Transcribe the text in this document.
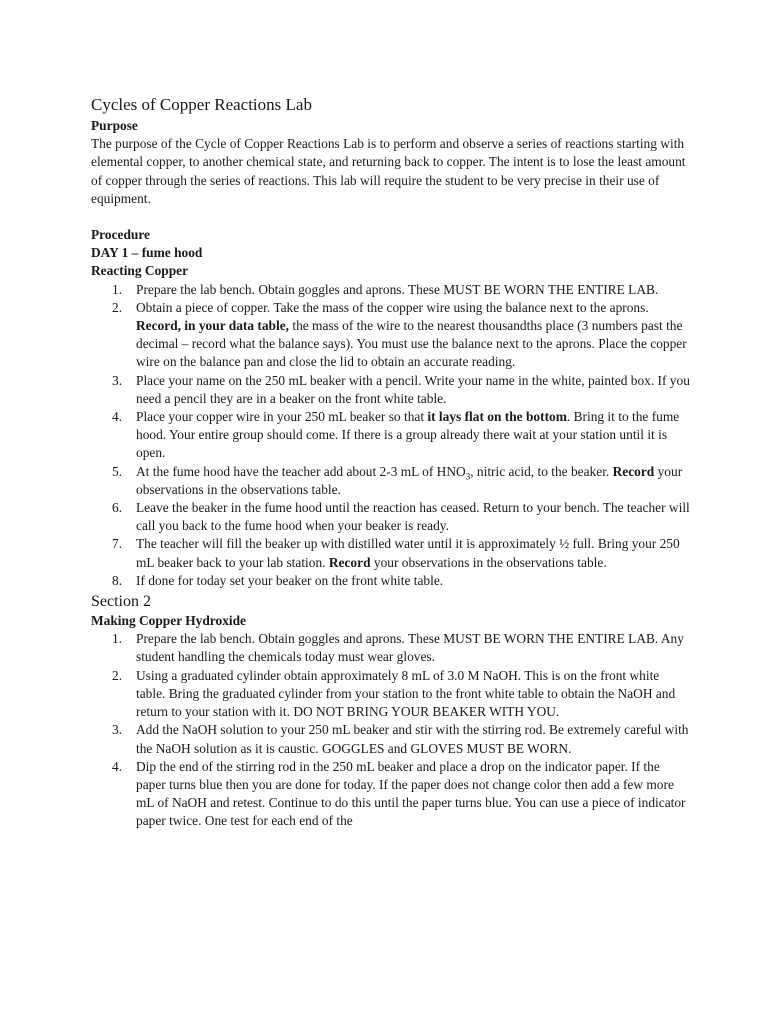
Cycles of Copper Reactions Lab

Purpose

The purpose of the Cycle of Copper Reactions Lab is to perform and observe a series of reactions starting with elemental copper, to another chemical state, and returning back to copper. The intent is to lose the least amount of copper through the series of reactions. This lab will require the student to be very precise in their use of equipment.

Procedure

DAY 1 – fume hood

Reacting Copper

1. Prepare the lab bench. Obtain goggles and aprons. These MUST BE WORN THE ENTIRE LAB.
2. Obtain a piece of copper. Take the mass of the copper wire using the balance next to the aprons. Record, in your data table, the mass of the wire to the nearest thousandths place (3 numbers past the decimal – record what the balance says). You must use the balance next to the aprons. Place the copper wire on the balance pan and close the lid to obtain an accurate reading.
3. Place your name on the 250 mL beaker with a pencil. Write your name in the white, painted box. If you need a pencil they are in a beaker on the front white table.
4. Place your copper wire in your 250 mL beaker so that it lays flat on the bottom. Bring it to the fume hood. Your entire group should come. If there is a group already there wait at your station until it is open.
5. At the fume hood have the teacher add about 2-3 mL of $HNO_3$, nitric acid, to the beaker. Record your observations in the observations table.
6. Leave the beaker in the fume hood until the reaction has ceased. Return to your bench. The teacher will call you back to the fume hood when your beaker is ready.
7. The teacher will fill the beaker up with distilled water until it is approximately ½ full. Bring your 250 mL beaker back to your lab station. Record your observations in the observations table.
8. If done for today set your beaker on the front white table.

Section 2

Making Copper Hydroxide

1. Prepare the lab bench. Obtain goggles and aprons. These MUST BE WORN THE ENTIRE LAB. Any student handling the chemicals today must wear gloves.
2. Using a graduated cylinder obtain approximately 8 mL of 3.0 M NaOH. This is on the front white table. Bring the graduated cylinder from your station to the front white table to obtain the NaOH and return to your station with it. DO NOT BRING YOUR BEAKER WITH YOU.
3. Add the NaOH solution to your 250 mL beaker and stir with the stirring rod. Be extremely careful with the NaOH solution as it is caustic. GOGGLES and GLOVES MUST BE WORN.
4. Dip the end of the stirring rod in the 250 mL beaker and place a drop on the indicator paper. If the paper turns blue then you are done for today. If the paper does not change color then add a few more mL of NaOH and retest. Continue to do this until the paper turns blue. You can use a piece of indicator paper twice. One test for each end of the
